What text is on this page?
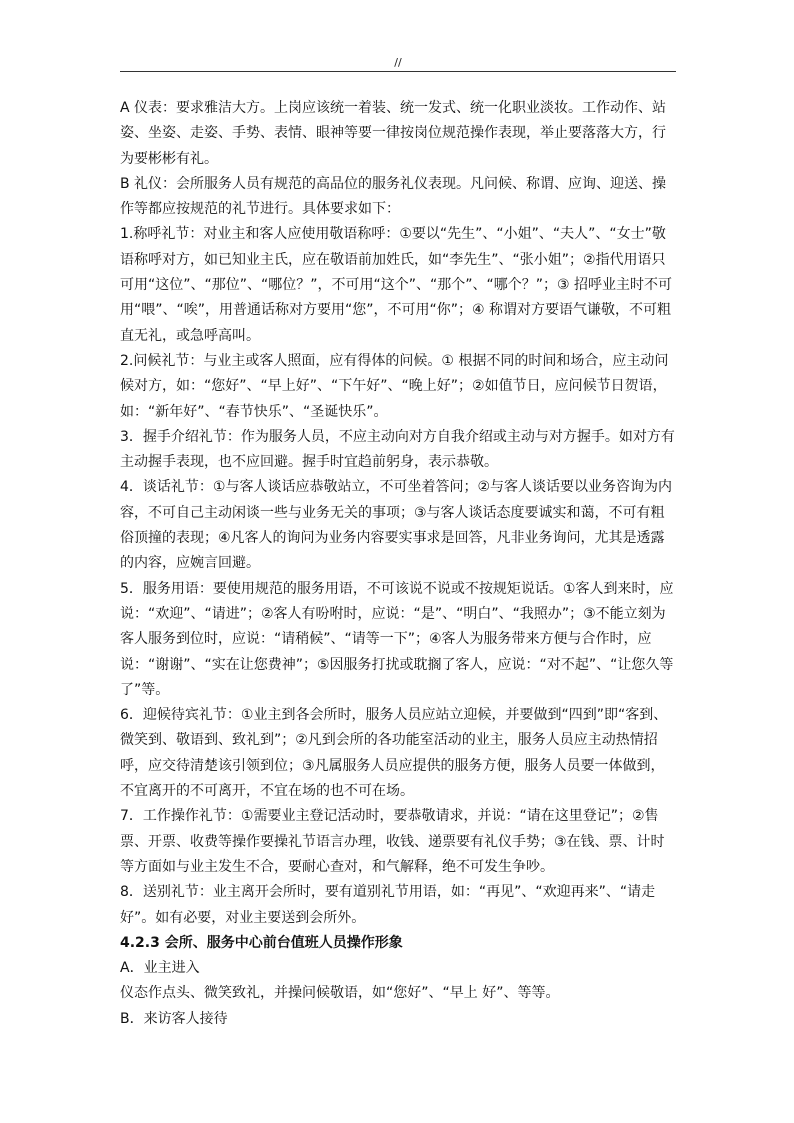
//

A 仪表：要求雅洁大方。上岗应该统一着装、统一发式、统一化职业淡妆。工作动作、站姿、坐姿、走姿、手势、表情、眼神等要一律按岗位规范操作表现，举止要落落大方，行为要彬彬有礼。

B 礼仪：会所服务人员有规范的高品位的服务礼仪表现。凡问候、称谓、应询、迎送、操作等都应按规范的礼节进行。具体要求如下：

1.称呼礼节：对业主和客人应使用敬语称呼：①要以“先生”、“小姐”、“夫人”、“女士”敬语称呼对方，如已知业主氏，应在敬语前加姓氏，如“李先生”、“张小姐”；②指代用语只可用“这位”、“那位”、“哪位？”，不可用“这个”、“那个”、“哪个？”；③ 招呼业主时不可用“喂”、“唉”，用普通话称对方要用“您”，不可用“你”；④ 称谓对方要语气谦敬，不可粗直无礼，或急呼高叫。

2.问候礼节：与业主或客人照面，应有得体的问候。① 根据不同的时间和场合，应主动问候对方，如：“您好”、“早上好”、“下午好”、“晚上好”；②如值节日，应问候节日贺语，如：“新年好”、“春节快乐”、“圣诞快乐”。

3．握手介绍礼节：作为服务人员，不应主动向对方自我介绍或主动与对方握手。如对方有主动握手表现，也不应回避。握手时宜趋前躬身，表示恭敬。

4．谈话礼节：①与客人谈话应恭敬站立，不可坐着答问；②与客人谈话要以业务咨询为内容，不可自己主动闲谈一些与业务无关的事项；③与客人谈话态度要诚实和蔼，不可有粗俗顶撞的表现；④凡客人的询问为业务内容要实事求是回答，凡非业务询问，尤其是透露的内容，应婉言回避。

5．服务用语：要使用规范的服务用语，不可该说不说或不按规矩说话。①客人到来时，应说：“欢迎”、“请进”；②客人有吩咐时，应说：“是”、“明白”、“我照办”；③不能立刻为客人服务到位时，应说：“请稍候”、“请等一下”；④客人为服务带来方便与合作时，应说：“谢谢”、“实在让您费神”；⑤因服务打扰或耽搁了客人，应说：“对不起”、“让您久等了”等。

6．迎候待宾礼节：①业主到各会所时，服务人员应站立迎候，并要做到“四到”即“客到、微笑到、敬语到、致礼到”；②凡到会所的各功能室活动的业主，服务人员应主动热情招呼，应交待清楚该引领到位；③凡属服务人员应提供的服务方便，服务人员要一体做到，不宜离开的不可离开，不宜在场的也不可在场。

7．工作操作礼节：①需要业主登记活动时，要恭敬请求，并说：“请在这里登记”；②售票、开票、收费等操作要操礼节语言办理，收钱、递票要有礼仪手势；③在钱、票、计时等方面如与业主发生不合，要耐心查对，和气解释，绝不可发生争吵。

8．送别礼节：业主离开会所时，要有道别礼节用语，如：“再见”、“欢迎再来”、“请走好”。如有必要，对业主要送到会所外。

4.2.3 会所、服务中心前台值班人员操作形象

A．业主进入

仪态作点头、微笑致礼，并操问候敬语，如“您好”、“早上 好”、等等。

B．来访客人接待
